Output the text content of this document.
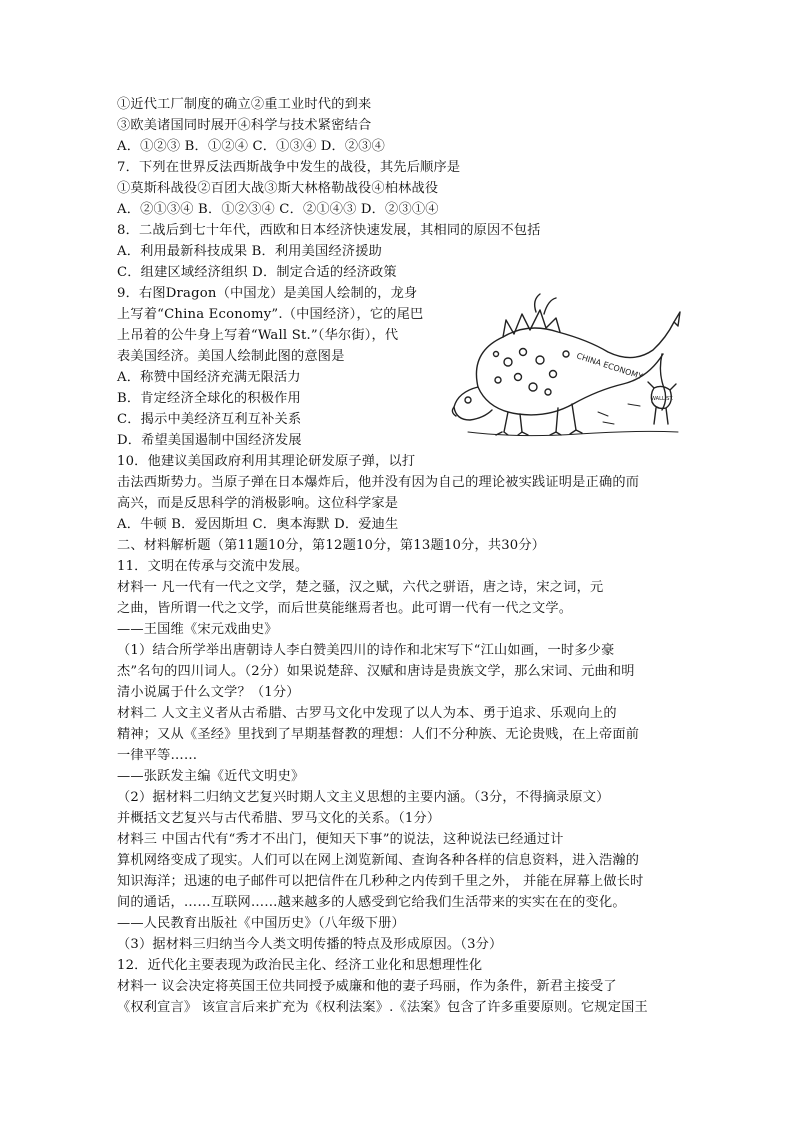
①近代工厂制度的确立②重工业时代的到来
③欧美诸国同时展开④科学与技术紧密结合
A．①②③ B．①②④ C．①③④ D．②③④
7．下列在世界反法西斯战争中发生的战役，其先后顺序是
①莫斯科战役②百团大战③斯大林格勒战役④柏林战役
A．②①③④ B．①②③④ C．②①④③ D．②③①④
8．二战后到七十年代，西欧和日本经济快速发展，其相同的原因不包括
A．利用最新科技成果 B．利用美国经济援助
C．组建区域经济组织 D．制定合适的经济政策
9．右图Dragon（中国龙）是美国人绘制的，龙身
上写着“China Economy”.（中国经济），它的尾巴
上吊着的公牛身上写着“Wall St.”（华尔街），代
表美国经济。美国人绘制此图的意图是
A．称赞中国经济充满无限活力
B．肯定经济全球化的积极作用
C．揭示中美经济互利互补关系
D．希望美国遏制中国经济发展
10．他建议美国政府利用其理论研发原子弹，以打
击法西斯势力。当原子弹在日本爆炸后，他并没有因为自己的理论被实践证明是正确的而
高兴，而是反思科学的消极影响。这位科学家是
A．牛顿 B．爱因斯坦 C．奥本海默 D．爱迪生
二、材料解析题（第11题10分，第12题10分，第13题10分，共30分）
11．文明在传承与交流中发展。
材料一 凡一代有一代之文学，楚之骚，汉之赋，六代之骈语，唐之诗，宋之词，元
之曲，皆所谓一代之文学，而后世莫能继焉者也。此可谓一代有一代之文学。
——王国维《宋元戏曲史》
（1）结合所学举出唐朝诗人李白赞美四川的诗作和北宋写下“江山如画，一时多少豪
杰”名句的四川词人。（2分）如果说楚辞、汉赋和唐诗是贵族文学，那么宋词、元曲和明
清小说属于什么文学？（1分）
材料二 人文主义者从古希腊、古罗马文化中发现了以人为本、勇于追求、乐观向上的
精神；又从《圣经》里找到了早期基督教的理想：人们不分种族、无论贵贱，在上帝面前
一律平等……
——张跃发主编《近代文明史》
（2）据材料二归纳文艺复兴时期人文主义思想的主要内涵。（3分，不得摘录原文）
并概括文艺复兴与古代希腊、罗马文化的关系。（1分）
材料三 中国古代有“秀才不出门，便知天下事”的说法，这种说法已经通过计
算机网络变成了现实。人们可以在网上浏览新闻、查询各种各样的信息资料，进入浩瀚的
知识海洋；迅速的电子邮件可以把信件在几秒种之内传到千里之外， 并能在屏幕上做长时
间的通话，……互联网……越来越多的人感受到它给我们生活带来的实实在在的变化。
——人民教育出版社《中国历史》（八年级下册）
（3）据材料三归纳当今人类文明传播的特点及形成原因。（3分）
12．近代化主要表现为政治民主化、经济工业化和思想理性化
材料一 议会决定将英国王位共同授予威廉和他的妻子玛丽，作为条件，新君主接受了
《权利宣言》 该宣言后来扩充为《权利法案》.《法案》包含了许多重要原则。它规定国王
CHINA ECONOMY
WALL ST.
